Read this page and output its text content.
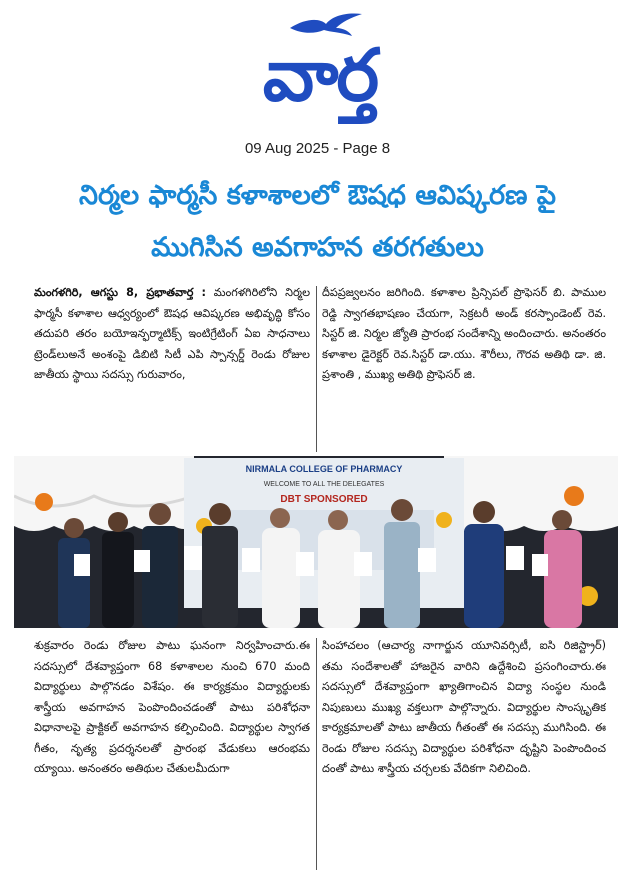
వార్త
09 Aug 2025 - Page 8
నిర్మల ఫార్మసీ కళాశాలలో ఔషధ ఆవిష్కరణ పై
ముగిసిన అవగాహన తరగతులు
మంగళగిరి, ఆగస్టు 8, ప్రభాతవార్త : మంగళగిరిలోని నిర్మల ఫార్మసీ కళాశాల ఆధ్వర్యంలో ఔషధ ఆవిష్కరణ అభివృద్ధి కోసం తదుపరి తరం బయోఇన్ఫర్మాటిక్స్ ఇంటిగ్రేటింగ్ ఏఐ సాధనాలు ట్రెండ్‌లుఅనే అంశంపై డిబిటి సిటీ ఎపి స్పాన్సర్డ్ రెండు రోజుల జాతీయ స్థాయి సదస్సు గురువారం,
దీపప్రజ్వలనం జరిగింది. కళాశాల ప్రిన్సిపల్ ప్రొఫెసర్ బి. పాముల రెడ్డి స్వాగతభాషణం చేయగా, సెక్రటరీ అండ్ కరస్పాండెంట్ రెవ. సిస్టర్ జి. నిర్మల జ్యోతి ప్రారంభ సందేశాన్ని అందించారు. అనంతరం కళాశాల డైరెక్టర్ రెవ.సిస్టర్ డా.యు. శౌరీలు, గౌరవ అతిథి డా. జి. ప్రశాంతి , ముఖ్య అతిథి ప్రొఫెసర్ జి.
NIRMALA COLLEGE OF PHARMACY
WELCOME TO ALL THE DELEGATES
DBT SPONSORED
శుక్రవారం రెండు రోజుల పాటు ఘనంగా నిర్వహించారు.ఈ సదస్సులో దేశవ్యాప్తంగా 68 కళాశాలల నుంచి 670 మంది విద్యార్థులు పాల్గొనడం విశేషం. ఈ కార్యక్రమం విద్యార్థులకు శాస్త్రీయ అవగాహన పెంపొందించడంతో పాటు పరిశోధనా విధానాలపై ప్రాక్టికల్ అవగాహన కల్పించింది. విద్యార్థుల స్వాగత గీతం, నృత్య ప్రదర్శనలతో ప్రారంభ వేడుకలు ఆరంభమ య్యాయి. అనంతరం అతిథుల చేతులమీదుగా
సింహాచలం (ఆచార్య నాగార్జున యూనివర్సిటీ, ఐసి రిజిస్ట్రార్) తమ సందేశాలతో హాజరైన వారిని ఉద్దేశించి ప్రసంగించారు.ఈ సదస్సులో దేశవ్యాప్తంగా ఖ్యాతిగాంచిన విద్యా సంస్థల నుండి నిపుణులు ముఖ్య వక్తలుగా పాల్గొన్నారు. విద్యార్థుల సాంస్కృతిక కార్యక్రమాలతో పాటు జాతీయ గీతంతో ఈ సదస్సు ముగిసింది. ఈ రెండు రోజుల సదస్సు విద్యార్థుల పరిశోధనా దృష్టిని పెంపొందించ దంతో పాటు శాస్త్రీయ చర్చలకు వేదికగా నిలిచింది.
